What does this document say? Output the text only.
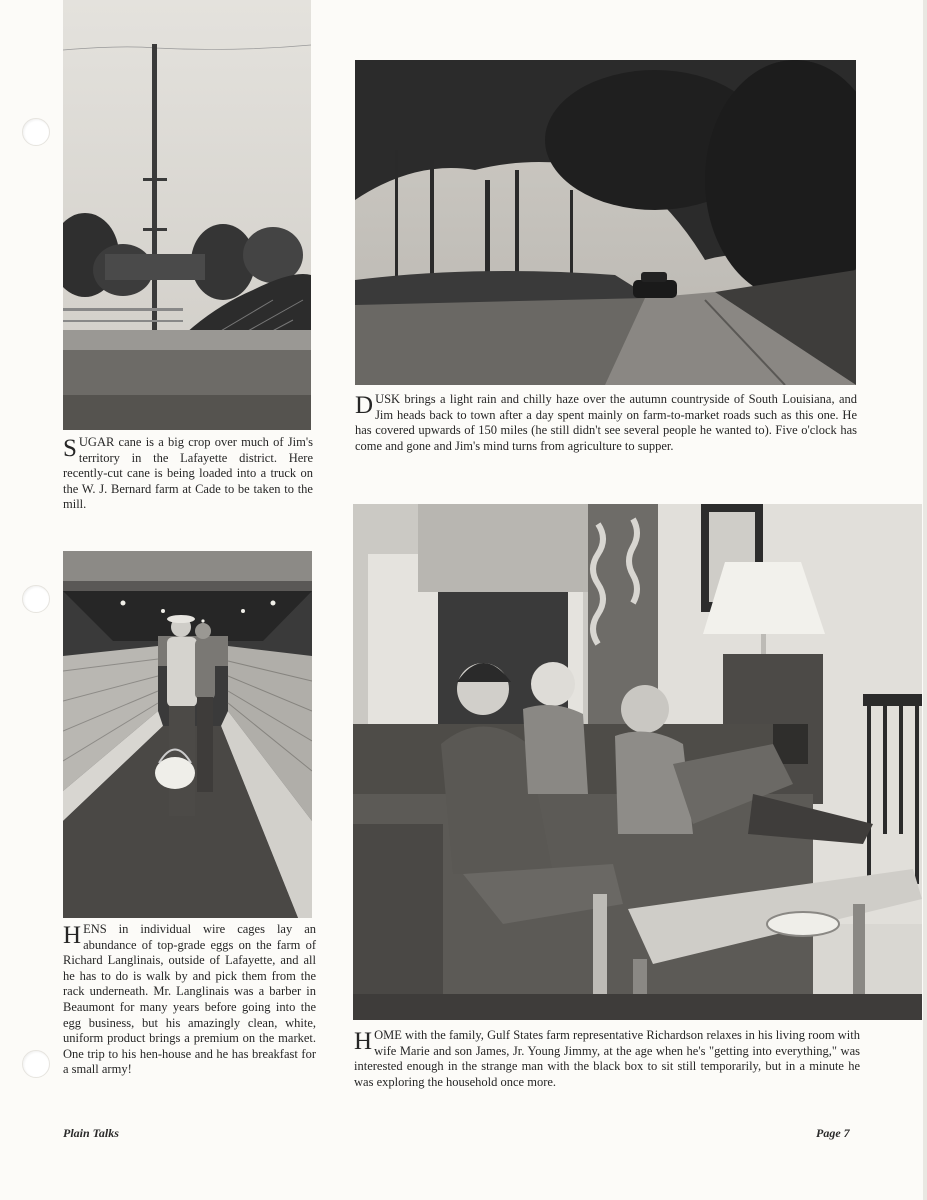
SUGAR cane is a big crop over much of Jim's territory in the Lafayette district. Here recently-cut cane is being loaded into a truck on the W. J. Bernard farm at Cade to be taken to the mill.
DUSK brings a light rain and chilly haze over the autumn countryside of South Louisiana, and Jim heads back to town after a day spent mainly on farm-to-market roads such as this one. He has covered upwards of 150 miles (he still didn't see several people he wanted to). Five o'clock has come and gone and Jim's mind turns from agriculture to supper.
HENS in individual wire cages lay an abundance of top-grade eggs on the farm of Richard Langlinais, outside of Lafayette, and all he has to do is walk by and pick them from the rack underneath. Mr. Langlinais was a barber in Beaumont for many years before going into the egg business, but his amazingly clean, white, uniform product brings a premium on the market. One trip to his hen-house and he has breakfast for a small army!
HOME with the family, Gulf States farm representative Richardson relaxes in his living room with wife Marie and son James, Jr. Young Jimmy, at the age when he's "getting into everything," was interested enough in the strange man with the black box to sit still temporarily, but in a minute he was exploring the household once more.
Plain Talks	Page 7
